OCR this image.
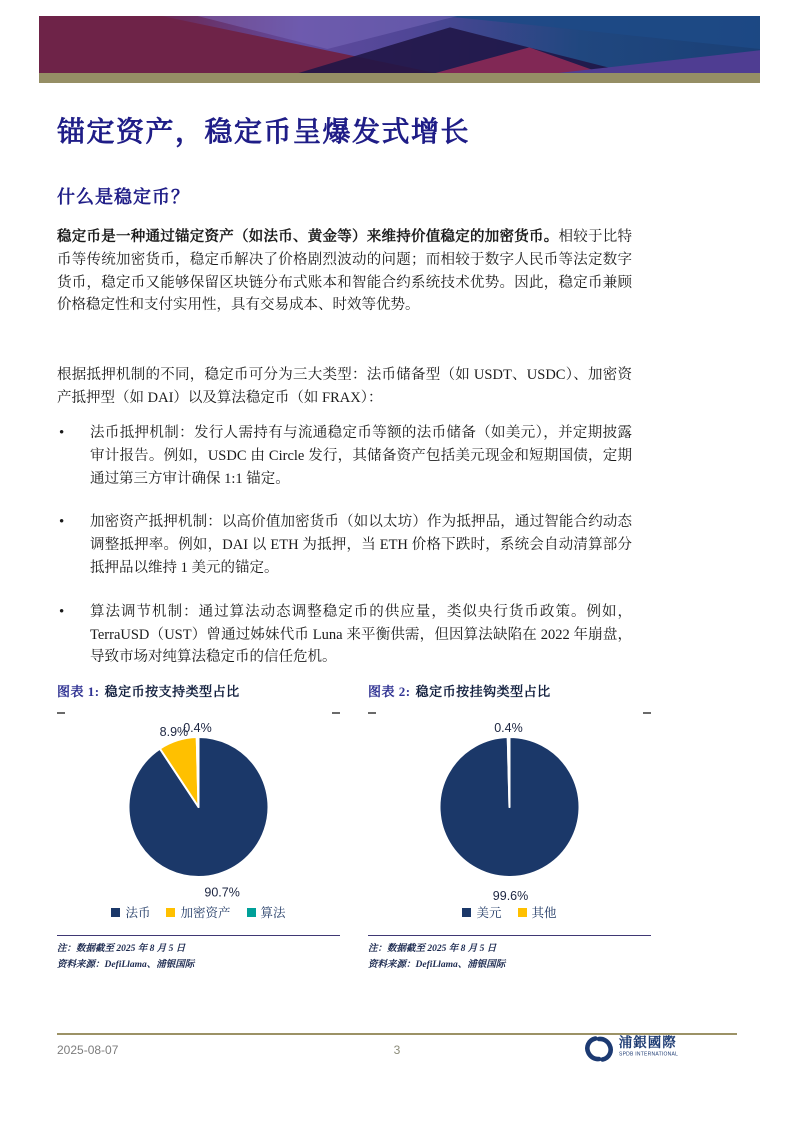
锚定资产，稳定币呈爆发式增长
什么是稳定币？

稳定币是一种通过锚定资产（如法币、黄金等）来维持价值稳定的加密货币。相较于比特币等传统加密货币，稳定币解决了价格剧烈波动的问题；而相较于数字人民币等法定数字货币，稳定币又能够保留区块链分布式账本和智能合约系统技术优势。因此，稳定币兼顾价格稳定性和支付实用性，具有交易成本、时效等优势。

根据抵押机制的不同，稳定币可分为三大类型：法币储备型（如 USDT、USDC）、加密资产抵押型（如 DAI）以及算法稳定币（如 FRAX）：

• 法币抵押机制：发行人需持有与流通稳定币等额的法币储备（如美元），并定期披露审计报告。例如，USDC 由 Circle 发行，其储备资产包括美元现金和短期国债，定期通过第三方审计确保 1:1 锚定。
• 加密资产抵押机制：以高价值加密货币（如以太坊）作为抵押品，通过智能合约动态调整抵押率。例如，DAI 以 ETH 为抵押，当 ETH 价格下跌时，系统会自动清算部分抵押品以维持 1 美元的锚定。
• 算法调节机制：通过算法动态调整稳定币的供应量，类似央行货币政策。例如，TerraUSD（UST）曾通过姊妹代币 Luna 来平衡供需，但因算法缺陷在 2022 年崩盘，导致市场对纯算法稳定币的信任危机。
图表 1: 稳定币按支持类型占比
90.7%
8.9%
0.4%
法币 加密资产 算法
注：数据截至 2025 年 8 月 5 日
资料来源：DefiLlama、浦银国际
图表 2: 稳定币按挂钩类型占比
99.6%
0.4%
美元 其他
注：数据截至 2025 年 8 月 5 日
资料来源：DefiLlama、浦银国际
2025-08-07	3	浦銀國際
SPDB INTERNATIONAL
